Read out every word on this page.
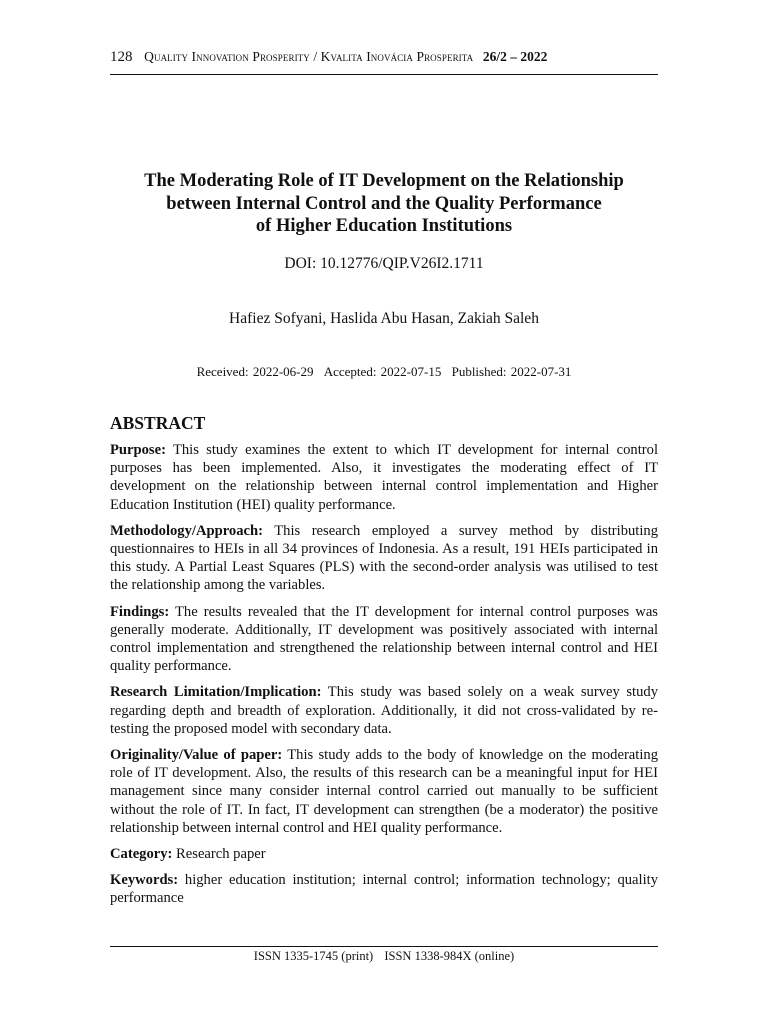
128 Quality Innovation Prosperity / Kvalita Inovácia Prosperita 26/2 – 2022
The Moderating Role of IT Development on the Relationship
between Internal Control and the Quality Performance
of Higher Education Institutions
DOI: 10.12776/QIP.V26I2.1711
Hafiez Sofyani, Haslida Abu Hasan, Zakiah Saleh
Received: 2022-06-29 Accepted: 2022-07-15 Published: 2022-07-31
ABSTRACT

Purpose: This study examines the extent to which IT development for internal control purposes has been implemented. Also, it investigates the moderating effect of IT development on the relationship between internal control implementation and Higher Education Institution (HEI) quality performance.

Methodology/Approach: This research employed a survey method by distributing questionnaires to HEIs in all 34 provinces of Indonesia. As a result, 191 HEIs participated in this study. A Partial Least Squares (PLS) with the second-order analysis was utilised to test the relationship among the variables.

Findings: The results revealed that the IT development for internal control purposes was generally moderate. Additionally, IT development was positively associated with internal control implementation and strengthened the relationship between internal control and HEI quality performance.

Research Limitation/Implication: This study was based solely on a weak survey study regarding depth and breadth of exploration. Additionally, it did not cross-validated by re-testing the proposed model with secondary data.

Originality/Value of paper: This study adds to the body of knowledge on the moderating role of IT development. Also, the results of this research can be a meaningful input for HEI management since many consider internal control carried out manually to be sufficient without the role of IT. In fact, IT development can strengthen (be a moderator) the positive relationship between internal control and HEI quality performance.

Category: Research paper

Keywords: higher education institution; internal control; information technology; quality performance

ISSN 1335-1745 (print) ISSN 1338-984X (online)
